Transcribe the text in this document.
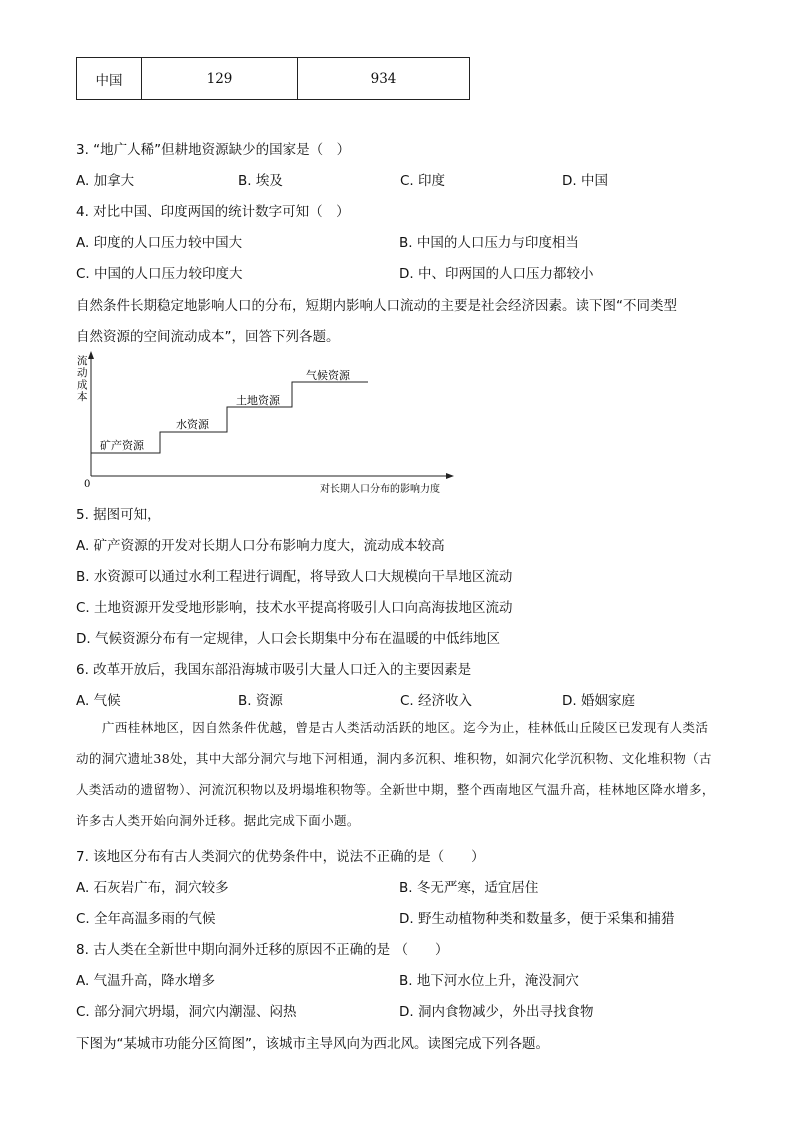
中国	129	934
3. “地广人稀”但耕地资源缺少的国家是（　）
A. 加拿大	B. 埃及	C. 印度	D. 中国
4. 对比中国、印度两国的统计数字可知（　）
A. 印度的人口压力较中国大	B. 中国的人口压力与印度相当
C. 中国的人口压力较印度大	D. 中、印两国的人口压力都较小
自然条件长期稳定地影响人口的分布，短期内影响人口流动的主要是社会经济因素。读下图“不同类型
自然资源的空间流动成本”，回答下列各题。
流
动
成
本
0	对长期人口分布的影响力度
矿产资源
水资源
土地资源
气候资源
5. 据图可知，
A. 矿产资源的开发对长期人口分布影响力度大，流动成本较高
B. 水资源可以通过水利工程进行调配，将导致人口大规模向干旱地区流动
C. 土地资源开发受地形影响，技术水平提高将吸引人口向高海拔地区流动
D. 气候资源分布有一定规律，人口会长期集中分布在温暖的中低纬地区
6. 改革开放后，我国东部沿海城市吸引大量人口迁入的主要因素是
A. 气候	B. 资源	C. 经济收入	D. 婚姻家庭
广西桂林地区，因自然条件优越，曾是古人类活动活跃的地区。迄今为止，桂林低山丘陵区已发现有人类活动的洞穴遗址38处，其中大部分洞穴与地下河相通，洞内多沉积、堆积物，如洞穴化学沉积物、文化堆积物（古人类活动的遗留物）、河流沉积物以及坍塌堆积物等。全新世中期，整个西南地区气温升高，桂林地区降水增多，许多古人类开始向洞外迁移。据此完成下面小题。
7. 该地区分布有古人类洞穴的优势条件中，说法不正确的是（　　）
A. 石灰岩广布，洞穴较多	B. 冬无严寒，适宜居住
C. 全年高温多雨的气候	D. 野生动植物种类和数量多，便于采集和捕猎
8. 古人类在全新世中期向洞外迁移的原因不正确的是 （　　）
A. 气温升高，降水增多	B. 地下河水位上升，淹没洞穴
C. 部分洞穴坍塌，洞穴内潮湿、闷热	D. 洞内食物减少，外出寻找食物
下图为“某城市功能分区简图”，该城市主导风向为西北风。读图完成下列各题。
